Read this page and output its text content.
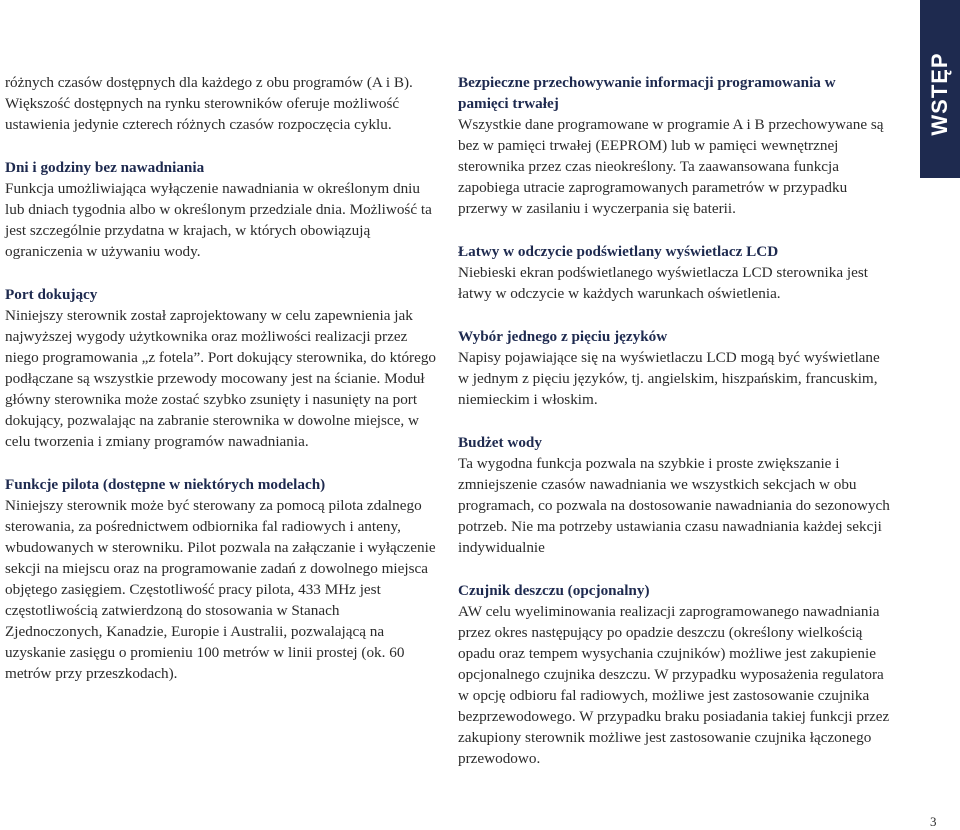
WSTĘP
różnych czasów dostępnych dla każdego z obu programów (A i B). Większość dostępnych na rynku sterowników oferuje możliwość ustawienia jedynie czterech różnych czasów rozpoczęcia cyklu.
Dni i godziny bez nawadniania
Funkcja umożliwiająca wyłączenie nawadniania w określonym dniu lub dniach tygodnia albo w określonym przedziale dnia. Możliwość ta jest szczególnie przydatna w krajach, w których obowiązują ograniczenia w używaniu wody.
Port dokujący
Niniejszy sterownik został zaprojektowany w celu zapewnienia jak najwyższej wygody użytkownika oraz możliwości realizacji przez niego programowania „z fotela”. Port dokujący sterownika, do którego podłączane są wszystkie przewody mocowany jest na ścianie. Moduł główny sterownika może zostać szybko zsunięty i nasunięty na port dokujący, pozwalając na zabranie sterownika w dowolne miejsce, w celu tworzenia i zmiany programów nawadniania.
Funkcje pilota (dostępne w niektórych modelach)
Niniejszy sterownik może być sterowany za pomocą pilota zdalnego sterowania, za pośrednictwem odbiornika fal radiowych i anteny, wbudowanych w sterowniku. Pilot pozwala na załączanie i wyłączenie sekcji na miejscu oraz na programowanie zadań z dowolnego miejsca objętego zasięgiem. Częstotliwość pracy pilota, 433 MHz jest częstotliwością zatwierdzoną do stosowania w Stanach Zjednoczonych, Kanadzie, Europie i Australii, pozwalającą na uzyskanie zasięgu o promieniu 100 metrów w linii prostej (ok. 60 metrów przy przeszkodach).
Bezpieczne przechowywanie informacji programowania w pamięci trwałej
Wszystkie dane programowane w programie A i B przechowywane są bez w pamięci trwałej (EEPROM) lub w pamięci wewnętrznej sterownika przez czas nieokreślony. Ta zaawansowana funkcja zapobiega utracie zaprogramowanych parametrów w przypadku przerwy w zasilaniu i wyczerpania się baterii.
Łatwy w odczycie podświetlany wyświetlacz LCD
Niebieski ekran podświetlanego wyświetlacza LCD sterownika jest łatwy w odczycie w każdych warunkach oświetlenia.
Wybór jednego z pięciu języków
Napisy pojawiające się na wyświetlaczu LCD mogą być wyświetlane w jednym z pięciu języków, tj. angielskim, hiszpańskim, francuskim, niemieckim i włoskim.
Budżet wody
Ta wygodna funkcja pozwala na szybkie i proste zwiększanie i zmniejszenie czasów nawadniania we wszystkich sekcjach w obu programach, co pozwala na dostosowanie nawadniania do sezonowych potrzeb. Nie ma potrzeby ustawiania czasu nawadniania każdej sekcji indywidualnie
Czujnik deszczu (opcjonalny)
AW celu wyeliminowania realizacji zaprogramowanego nawadniania przez okres następujący po opadzie deszczu (określony wielkością opadu oraz tempem wysychania czujników) możliwe jest zakupienie opcjonalnego czujnika deszczu. W przypadku wyposażenia regulatora w opcję odbioru fal radiowych, możliwe jest zastosowanie czujnika bezprzewodowego. W przypadku braku posiadania takiej funkcji przez zakupiony sterownik możliwe jest zastosowanie czujnika łączonego przewodowo.
3
